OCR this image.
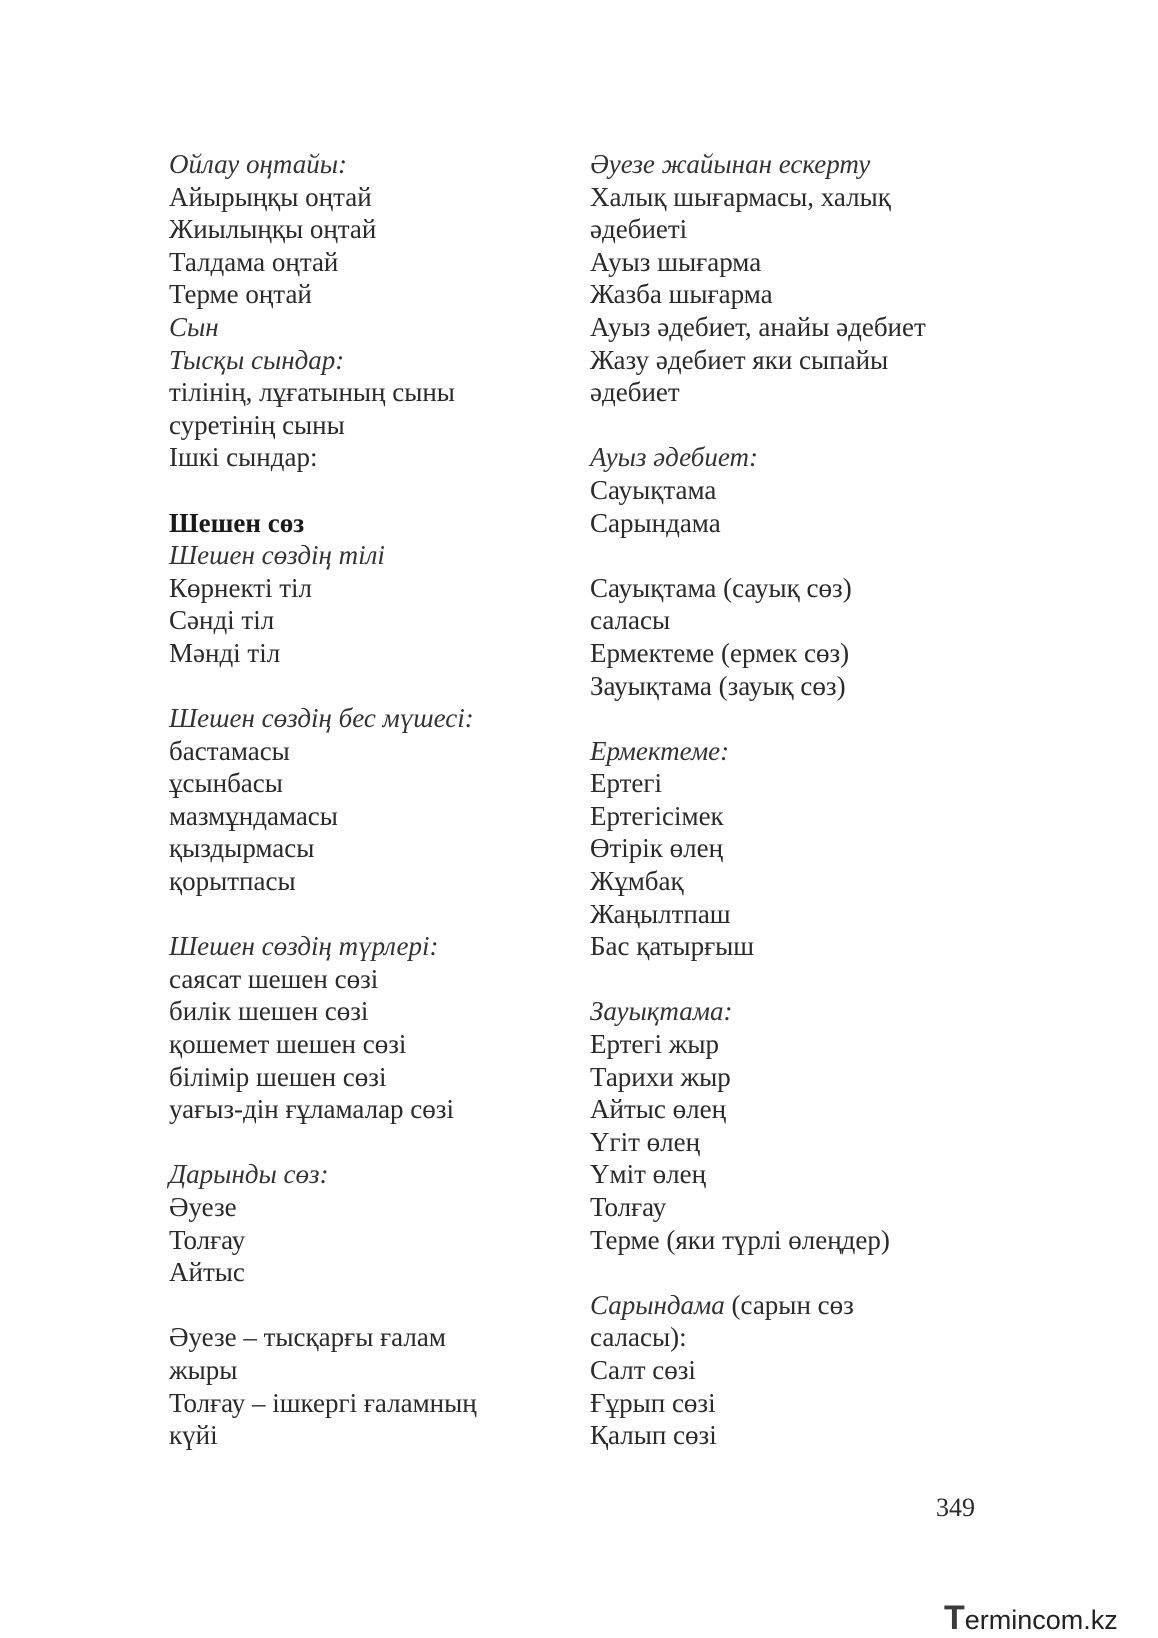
Ойлау оңтайы:
Айырыңқы оңтай
Жиылыңқы оңтай
Талдама оңтай
Терме оңтай
Сын
Тысқы сындар:
тілінің, лұғатының сыны
суретінің сыны
Ішкі сындар:
Шешен сөз
Шешен сөздің тілі
Көрнекті тіл
Сәнді тіл
Мәнді тіл
Шешен сөздің бес мүшесі:
бастамасы
ұсынбасы
мазмұндамасы
қыздырмасы
қорытпасы
Шешен сөздің түрлері:
саясат шешен сөзі
билік шешен сөзі
қошемет шешен сөзі
білімір шешен сөзі
уағыз-дін ғұламалар сөзі
Дарынды сөз:
Әуезе
Толғау
Айтыс
Әуезе – тысқарғы ғалам
жыры
Толғау – ішкергі ғаламның
күйі
Әуезе жайынан ескерту
Халық шығармасы, халық
әдебиеті
Ауыз шығарма
Жазба шығарма
Ауыз әдебиет, анайы әдебиет
Жазу әдебиет яки сыпайы
әдебиет
Ауыз әдебиет:
Сауықтама
Сарындама
Сауықтама (сауық сөз)
саласы
Ермектеме (ермек сөз)
Зауықтама (зауық сөз)
Ермектеме:
Ертегі
Ертегісімек
Өтірік өлең
Жұмбақ
Жаңылтпаш
Бас қатырғыш
Зауықтама:
Ертегі жыр
Тарихи жыр
Айтыс өлең
Үгіт өлең
Үміт өлең
Толғау
Терме (яки түрлі өлеңдер)
Сарындама (сарын сөз
саласы):
Салт сөзі
Ғұрып сөзі
Қалып сөзі
349
Termincom.kz
